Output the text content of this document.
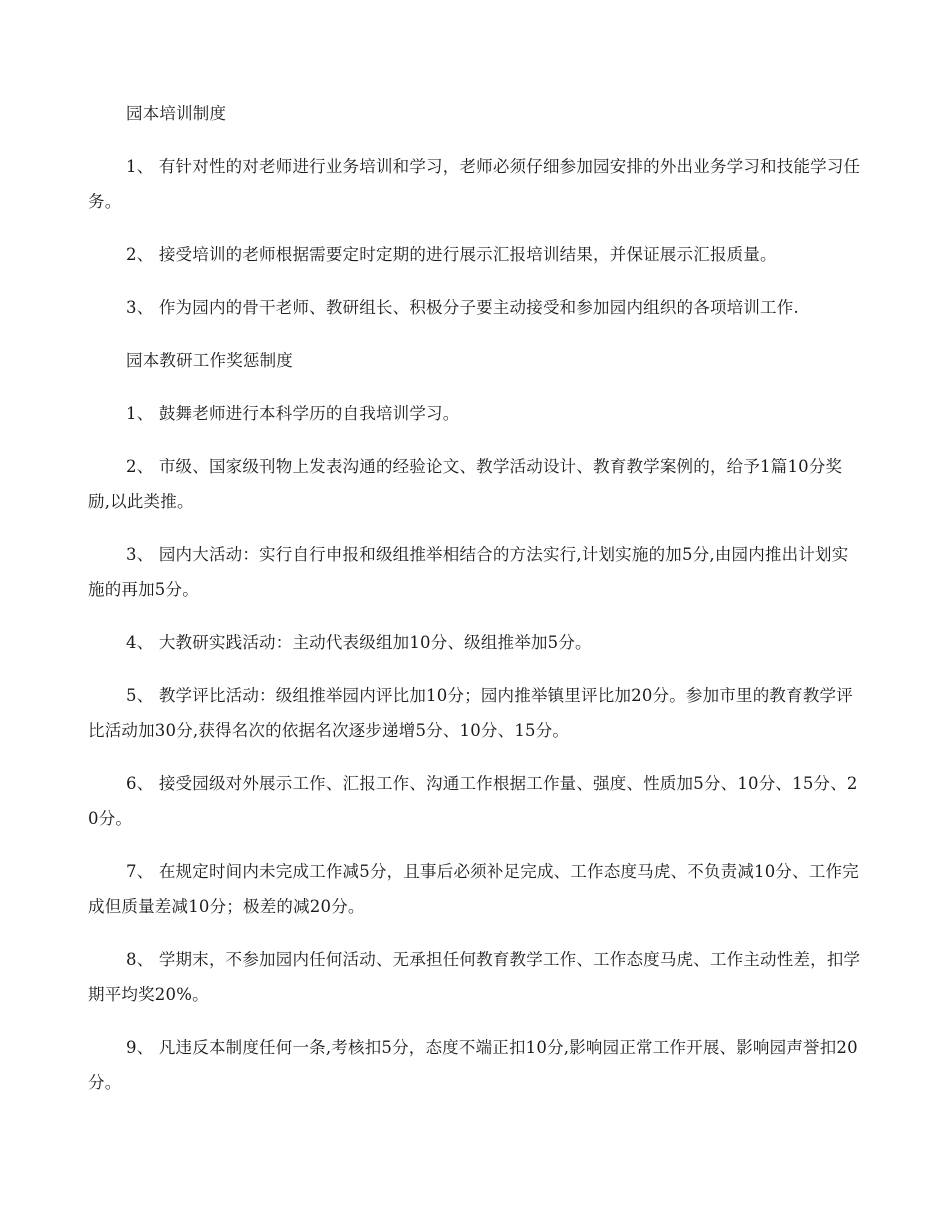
园本培训制度

1、 有针对性的对老师进行业务培训和学习，老师必须仔细参加园安排的外出业务学习和技能学习任务。

2、 接受培训的老师根据需要定时定期的进行展示汇报培训结果，并保证展示汇报质量。

3、 作为园内的骨干老师、教研组长、积极分子要主动接受和参加园内组织的各项培训工作.

园本教研工作奖惩制度

1、 鼓舞老师进行本科学历的自我培训学习。

2、 市级、国家级刊物上发表沟通的经验论文、教学活动设计、教育教学案例的，给予1篇10分奖励,以此类推。

3、 园内大活动：实行自行申报和级组推举相结合的方法实行,计划实施的加5分,由园内推出计划实施的再加5分。

4、 大教研实践活动：主动代表级组加10分、级组推举加5分。

5、 教学评比活动：级组推举园内评比加10分；园内推举镇里评比加20分。参加市里的教育教学评比活动加30分,获得名次的依据名次逐步递增5分、10分、15分。

6、 接受园级对外展示工作、汇报工作、沟通工作根据工作量、强度、性质加5分、10分、15分、20分。

7、 在规定时间内未完成工作减5分，且事后必须补足完成、工作态度马虎、不负责减10分、工作完成但质量差减10分；极差的减20分。

8、 学期末，不参加园内任何活动、无承担任何教育教学工作、工作态度马虎、工作主动性差，扣学期平均奖20%。

9、 凡违反本制度任何一条,考核扣5分，态度不端正扣10分,影响园正常工作开展、影响园声誉扣20分。
